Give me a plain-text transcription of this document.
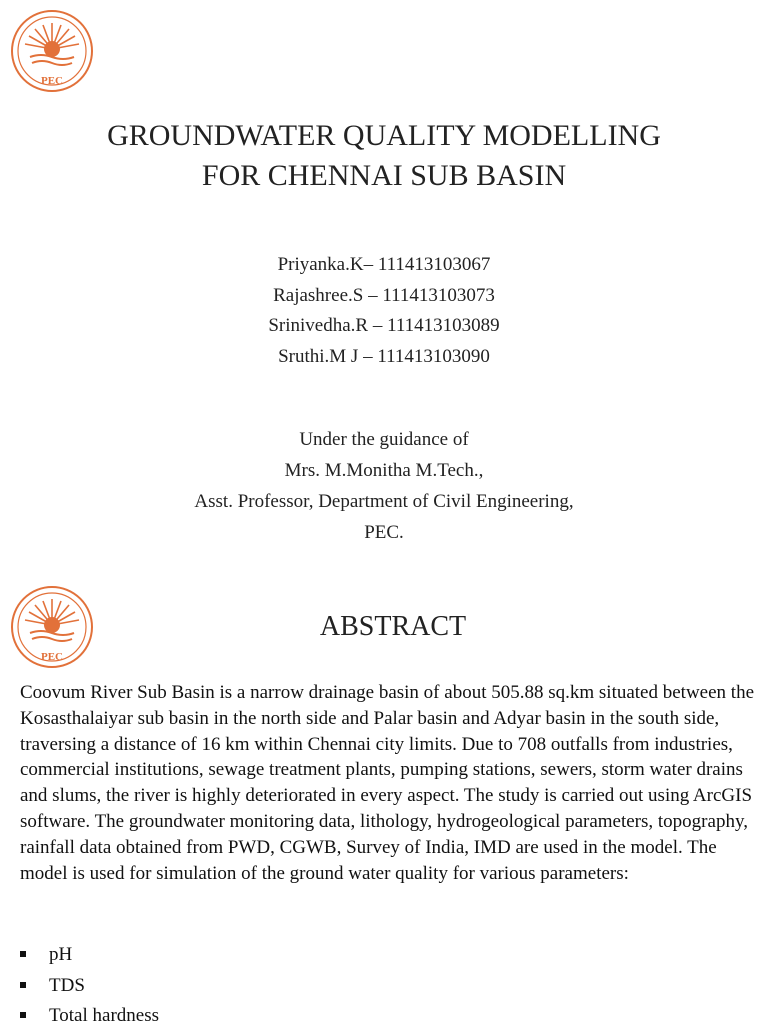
PEC
GROUNDWATER QUALITY MODELLING
FOR CHENNAI SUB BASIN
Priyanka.K– 111413103067
Rajashree.S – 111413103073
Srinivedha.R – 111413103089
Sruthi.M J – 111413103090
Under the guidance of
Mrs. M.Monitha M.Tech.,
Asst. Professor, Department of Civil Engineering,
PEC.
PEC
ABSTRACT

Coovum River Sub Basin is a narrow drainage basin of about 505.88 sq.km situated between the Kosasthalaiyar sub basin in the north side and Palar basin and Adyar basin in the south side, traversing a distance of 16 km within Chennai city limits. Due to 708 outfalls from industries, commercial institutions, sewage treatment plants, pumping stations, sewers, storm water drains and slums, the river is highly deteriorated in every aspect. The study is carried out using ArcGIS software. The groundwater monitoring data, lithology, hydrogeological parameters, topography, rainfall data obtained from PWD, CGWB, Survey of India, IMD are used in the model. The model is used for simulation of the ground water quality for various parameters:

pH
TDS
Total hardness
